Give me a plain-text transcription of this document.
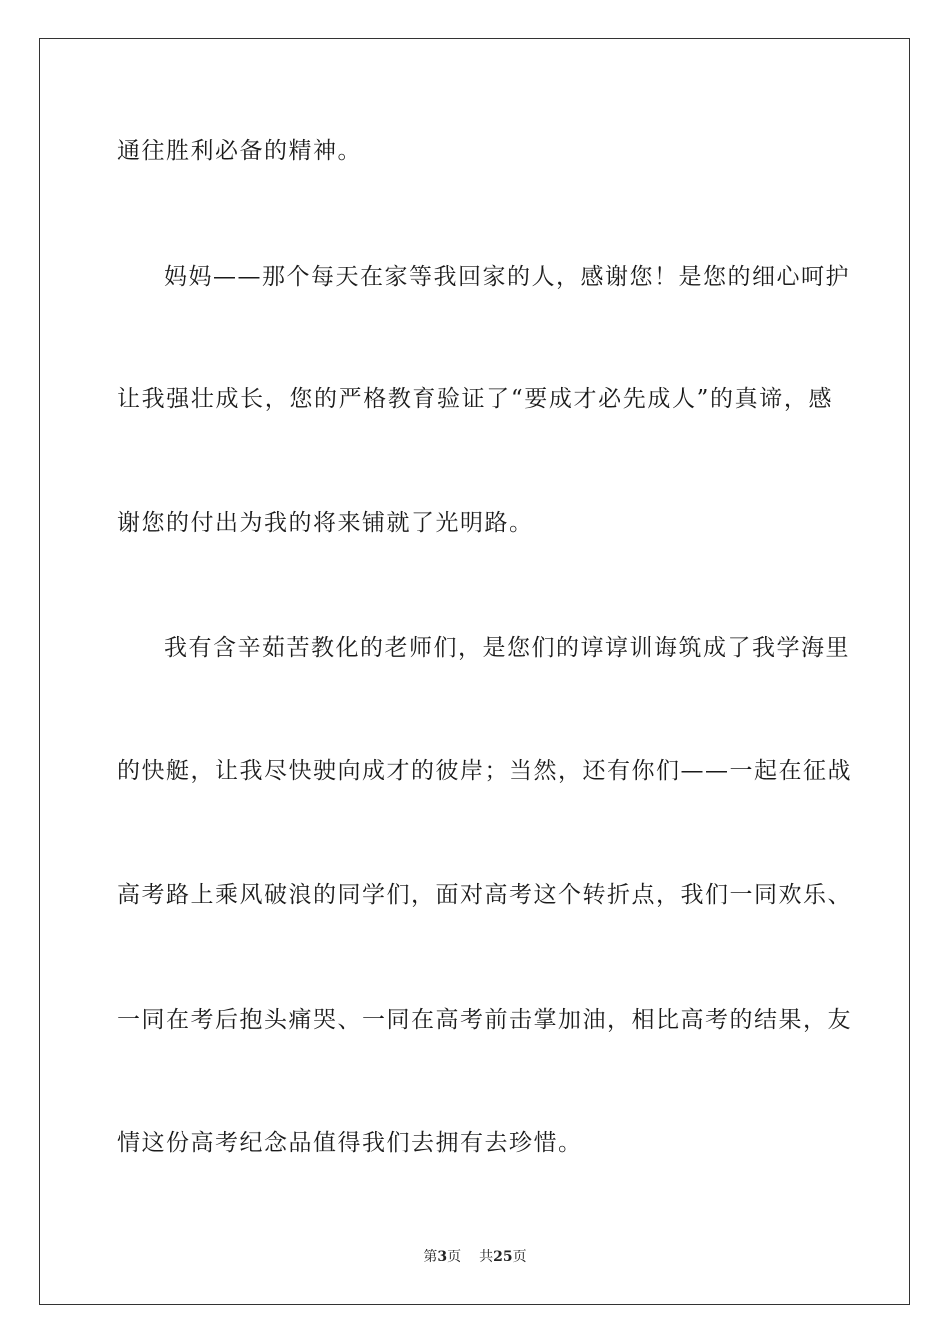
通往胜利必备的精神。
妈妈——那个每天在家等我回家的人，感谢您！是您的细心呵护
让我强壮成长，您的严格教育验证了“要成才必先成人”的真谛，感
谢您的付出为我的将来铺就了光明路。
我有含辛茹苦教化的老师们，是您们的谆谆训诲筑成了我学海里
的快艇，让我尽快驶向成才的彼岸；当然，还有你们——一起在征战
高考路上乘风破浪的同学们，面对高考这个转折点，我们一同欢乐、
一同在考后抱头痛哭、一同在高考前击掌加油，相比高考的结果，友
情这份高考纪念品值得我们去拥有去珍惜。
第3页 共25页
